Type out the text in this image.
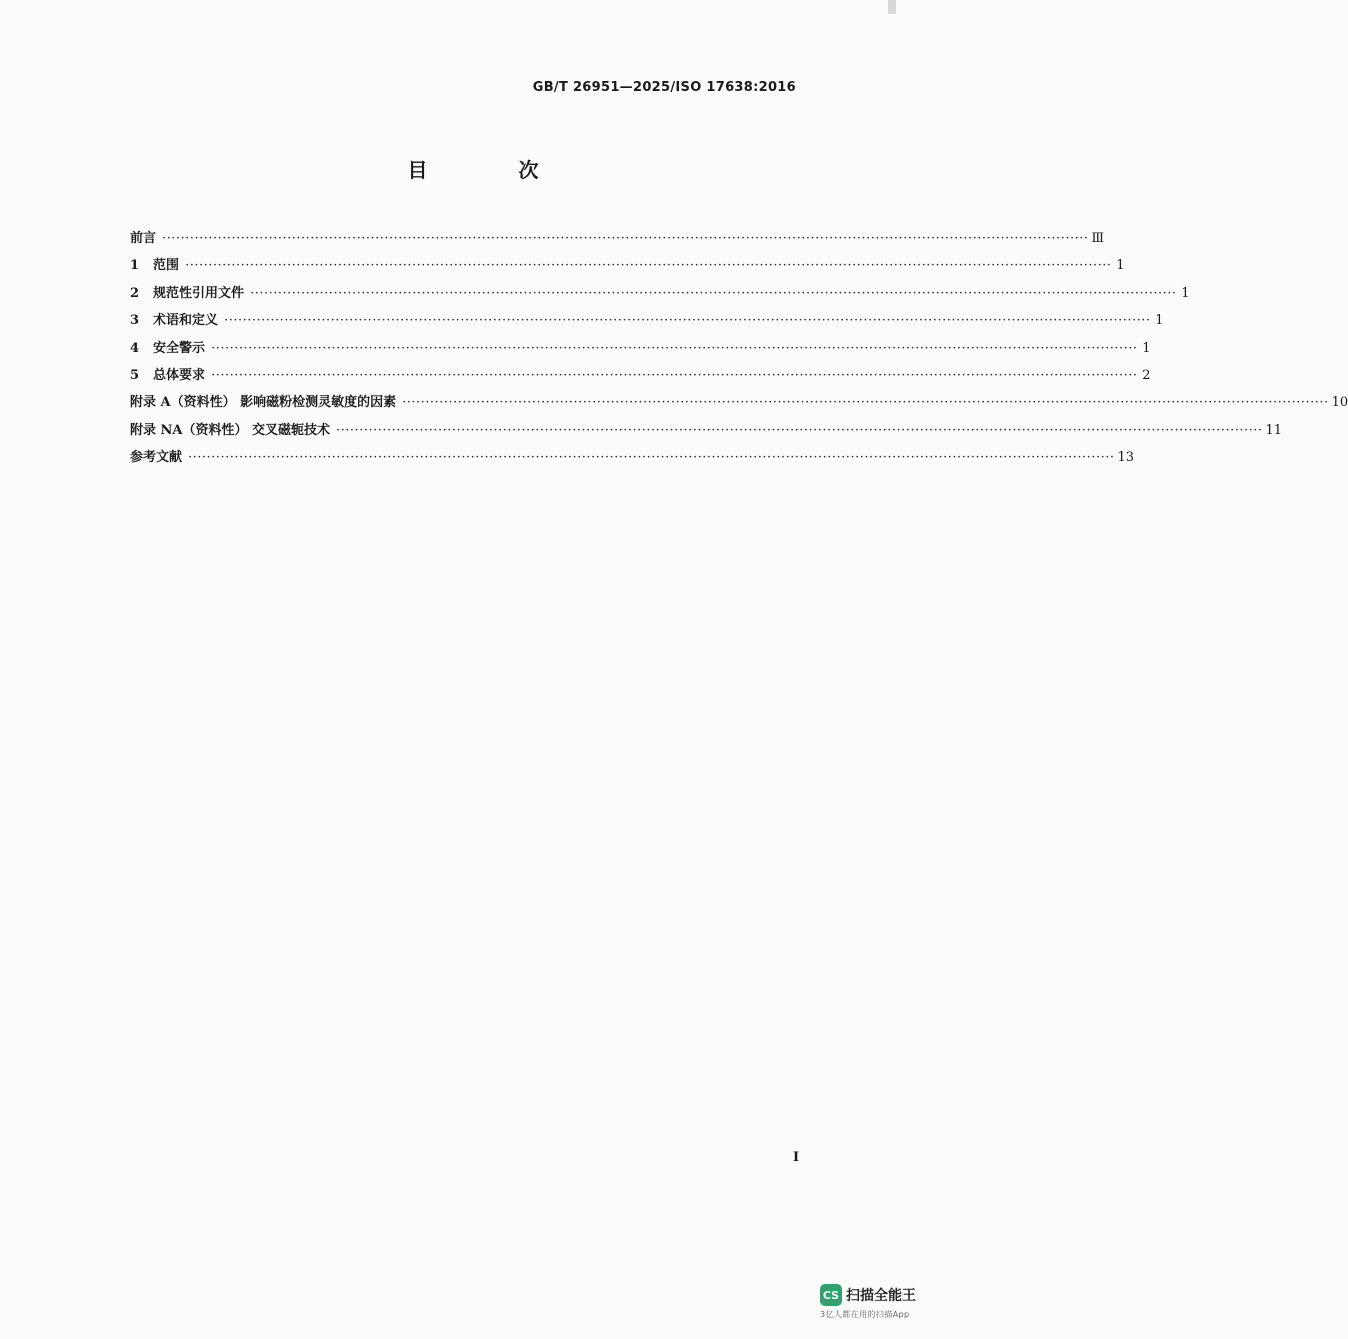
GB/T 26951—2025/ISO 17638:2016
目 次
前言 ········································································································································································································ Ⅲ
1 范围 ········································································································································································································ 1
2 规范性引用文件 ········································································································································································································ 1
3 术语和定义 ········································································································································································································ 1
4 安全警示 ········································································································································································································ 1
5 总体要求 ········································································································································································································ 2
附录 A（资料性） 影响磁粉检测灵敏度的因素 ········································································································································································································ 10
附录 NA（资料性） 交叉磁轭技术 ········································································································································································································ 11
参考文献 ········································································································································································································ 13
I
CS 扫描全能王
3亿人都在用的扫描App
